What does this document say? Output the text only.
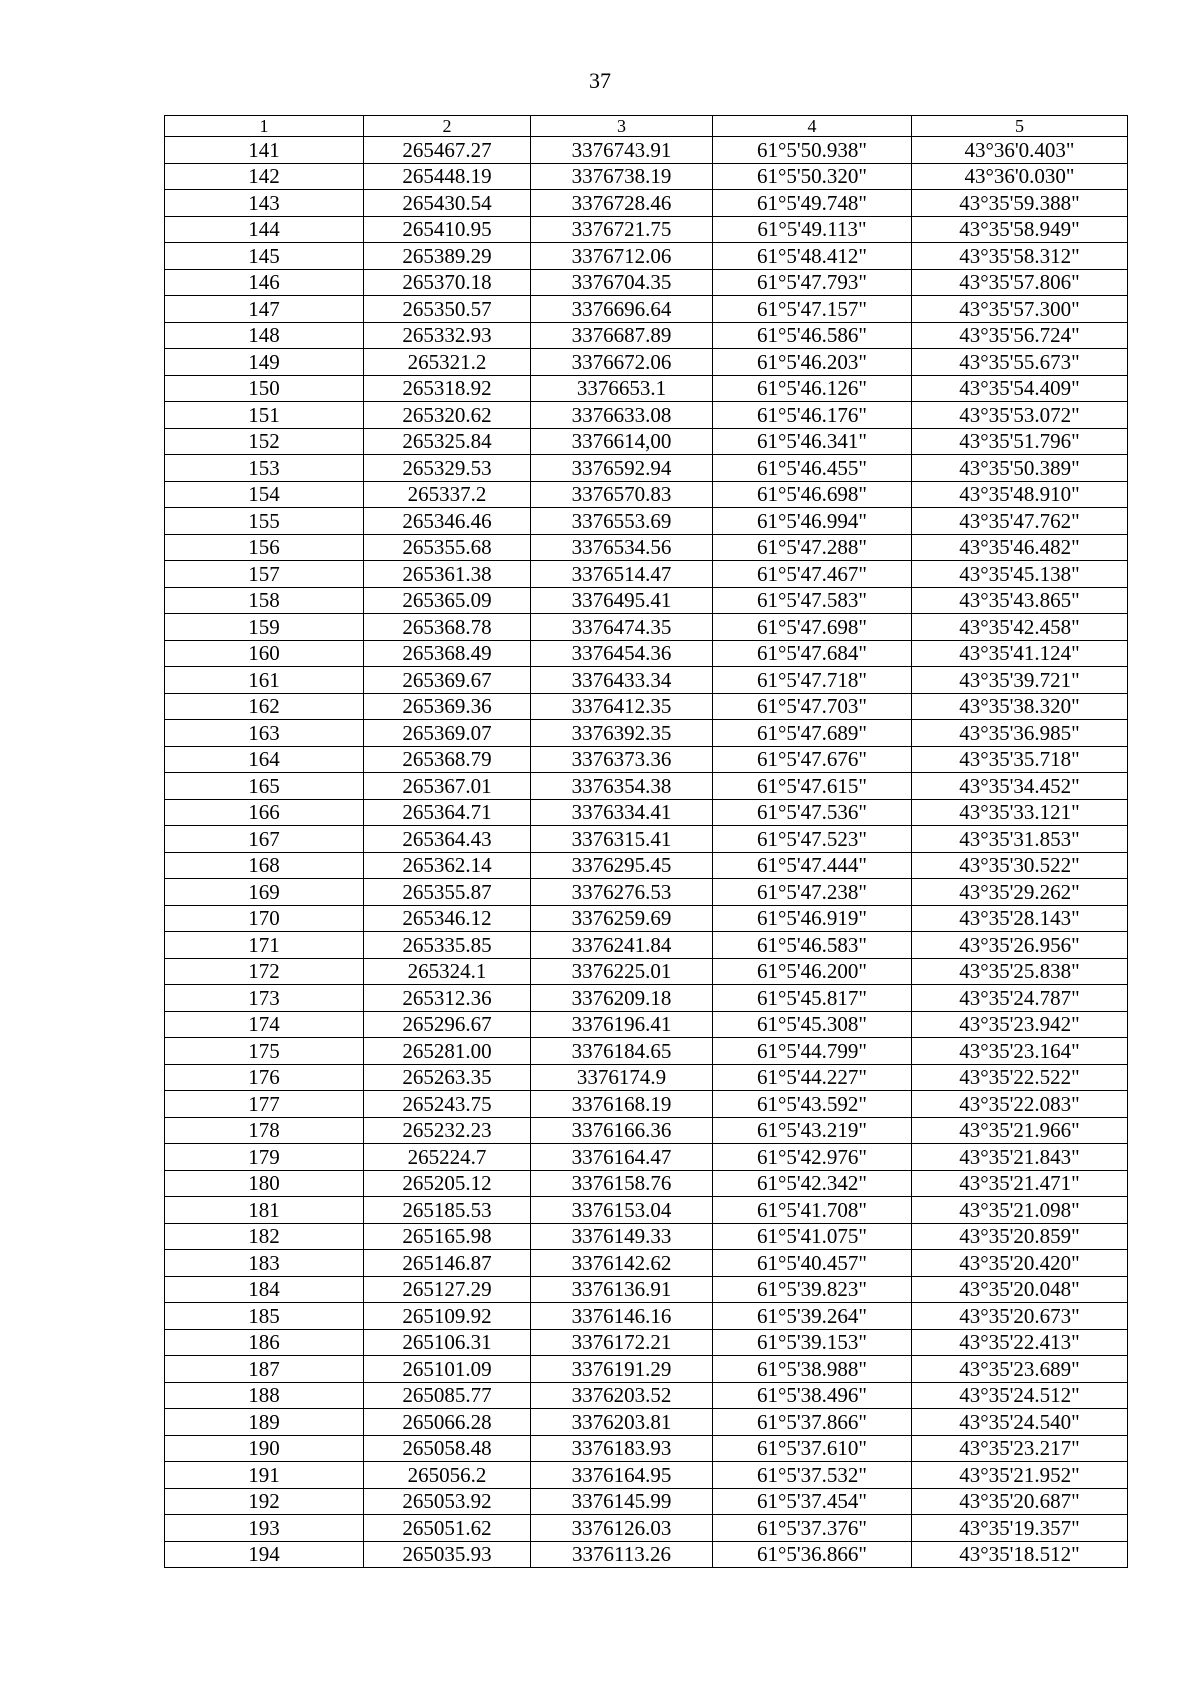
37
1	2	3	4	5
141	265467.27	3376743.91	61°5'50.938"	43°36'0.403"
142	265448.19	3376738.19	61°5'50.320"	43°36'0.030"
143	265430.54	3376728.46	61°5'49.748"	43°35'59.388"
144	265410.95	3376721.75	61°5'49.113"	43°35'58.949"
145	265389.29	3376712.06	61°5'48.412"	43°35'58.312"
146	265370.18	3376704.35	61°5'47.793"	43°35'57.806"
147	265350.57	3376696.64	61°5'47.157"	43°35'57.300"
148	265332.93	3376687.89	61°5'46.586"	43°35'56.724"
149	265321.2	3376672.06	61°5'46.203"	43°35'55.673"
150	265318.92	3376653.1	61°5'46.126"	43°35'54.409"
151	265320.62	3376633.08	61°5'46.176"	43°35'53.072"
152	265325.84	3376614,00	61°5'46.341"	43°35'51.796"
153	265329.53	3376592.94	61°5'46.455"	43°35'50.389"
154	265337.2	3376570.83	61°5'46.698"	43°35'48.910"
155	265346.46	3376553.69	61°5'46.994"	43°35'47.762"
156	265355.68	3376534.56	61°5'47.288"	43°35'46.482"
157	265361.38	3376514.47	61°5'47.467"	43°35'45.138"
158	265365.09	3376495.41	61°5'47.583"	43°35'43.865"
159	265368.78	3376474.35	61°5'47.698"	43°35'42.458"
160	265368.49	3376454.36	61°5'47.684"	43°35'41.124"
161	265369.67	3376433.34	61°5'47.718"	43°35'39.721"
162	265369.36	3376412.35	61°5'47.703"	43°35'38.320"
163	265369.07	3376392.35	61°5'47.689"	43°35'36.985"
164	265368.79	3376373.36	61°5'47.676"	43°35'35.718"
165	265367.01	3376354.38	61°5'47.615"	43°35'34.452"
166	265364.71	3376334.41	61°5'47.536"	43°35'33.121"
167	265364.43	3376315.41	61°5'47.523"	43°35'31.853"
168	265362.14	3376295.45	61°5'47.444"	43°35'30.522"
169	265355.87	3376276.53	61°5'47.238"	43°35'29.262"
170	265346.12	3376259.69	61°5'46.919"	43°35'28.143"
171	265335.85	3376241.84	61°5'46.583"	43°35'26.956"
172	265324.1	3376225.01	61°5'46.200"	43°35'25.838"
173	265312.36	3376209.18	61°5'45.817"	43°35'24.787"
174	265296.67	3376196.41	61°5'45.308"	43°35'23.942"
175	265281.00	3376184.65	61°5'44.799"	43°35'23.164"
176	265263.35	3376174.9	61°5'44.227"	43°35'22.522"
177	265243.75	3376168.19	61°5'43.592"	43°35'22.083"
178	265232.23	3376166.36	61°5'43.219"	43°35'21.966"
179	265224.7	3376164.47	61°5'42.976"	43°35'21.843"
180	265205.12	3376158.76	61°5'42.342"	43°35'21.471"
181	265185.53	3376153.04	61°5'41.708"	43°35'21.098"
182	265165.98	3376149.33	61°5'41.075"	43°35'20.859"
183	265146.87	3376142.62	61°5'40.457"	43°35'20.420"
184	265127.29	3376136.91	61°5'39.823"	43°35'20.048"
185	265109.92	3376146.16	61°5'39.264"	43°35'20.673"
186	265106.31	3376172.21	61°5'39.153"	43°35'22.413"
187	265101.09	3376191.29	61°5'38.988"	43°35'23.689"
188	265085.77	3376203.52	61°5'38.496"	43°35'24.512"
189	265066.28	3376203.81	61°5'37.866"	43°35'24.540"
190	265058.48	3376183.93	61°5'37.610"	43°35'23.217"
191	265056.2	3376164.95	61°5'37.532"	43°35'21.952"
192	265053.92	3376145.99	61°5'37.454"	43°35'20.687"
193	265051.62	3376126.03	61°5'37.376"	43°35'19.357"
194	265035.93	3376113.26	61°5'36.866"	43°35'18.512"
